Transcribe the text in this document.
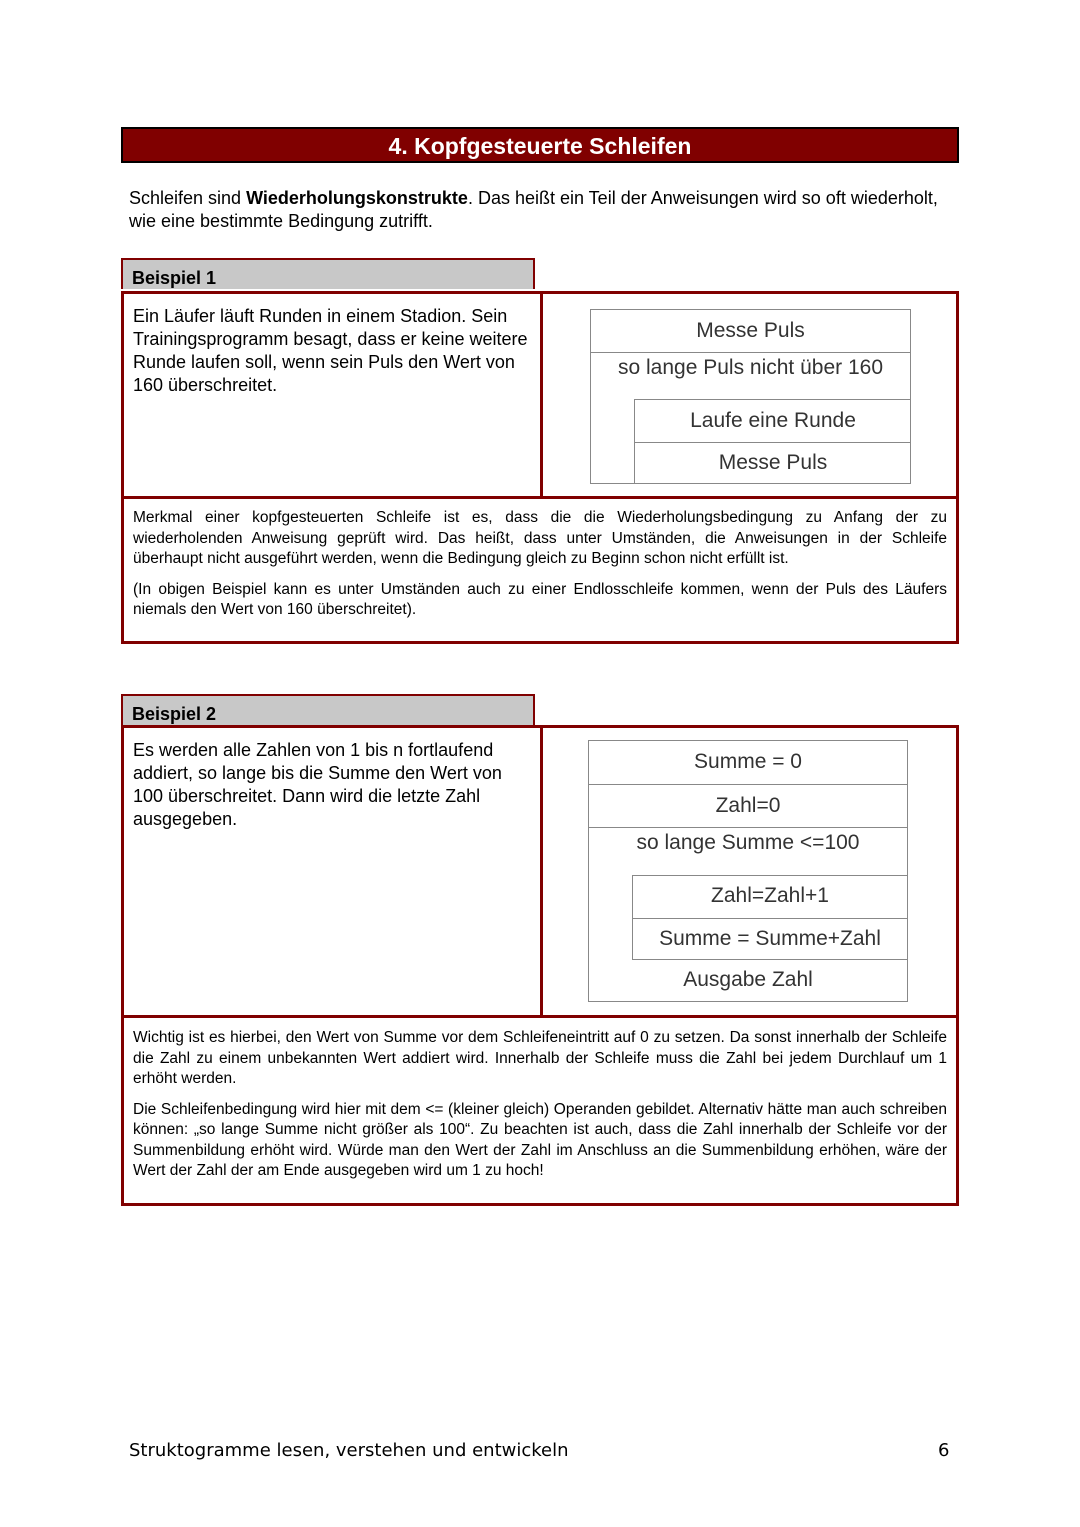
4. Kopfgesteuerte Schleifen
Schleifen sind Wiederholungskonstrukte. Das heißt ein Teil der Anweisungen wird so oft wiederholt, wie eine bestimmte Bedingung zutrifft.
Beispiel 1
Ein Läufer läuft Runden in einem Stadion. Sein Trainingsprogramm besagt, dass er keine weitere Runde laufen soll, wenn sein Puls den Wert von 160 überschreitet.
Messe Puls
so lange Puls nicht über 160
Laufe eine Runde
Messe Puls

Merkmal einer kopfgesteuerten Schleife ist es, dass die die Wiederholungsbedingung zu Anfang der zu wiederholenden Anweisung geprüft wird. Das heißt, dass unter Umständen, die Anweisungen in der Schleife überhaupt nicht ausgeführt werden, wenn die Bedingung gleich zu Beginn schon nicht erfüllt ist.

(In obigen Beispiel kann es unter Umständen auch zu einer Endlosschleife kommen, wenn der Puls des Läufers niemals den Wert von 160 überschreitet).

Beispiel 2
Es werden alle Zahlen von 1 bis n fortlaufend addiert, so lange bis die Summe den Wert von 100 überschreitet. Dann wird die letzte Zahl ausgegeben.
Summe = 0
Zahl=0
so lange Summe <=100
Zahl=Zahl+1
Summe = Summe+Zahl
Ausgabe Zahl

Wichtig ist es hierbei, den Wert von Summe vor dem Schleifeneintritt auf 0 zu setzen. Da sonst innerhalb der Schleife die Zahl zu einem unbekannten Wert addiert wird. Innerhalb der Schleife muss die Zahl bei jedem Durchlauf um 1 erhöht werden.

Die Schleifenbedingung wird hier mit dem <= (kleiner gleich) Operanden gebildet. Alternativ hätte man auch schreiben können: „so lange Summe nicht größer als 100“. Zu beachten ist auch, dass die Zahl innerhalb der Schleife vor der Summenbildung erhöht wird. Würde man den Wert der Zahl im Anschluss an die Summenbildung erhöhen, wäre der Wert der Zahl der am Ende ausgegeben wird um 1 zu hoch!

Struktogramme lesen, verstehen und entwickeln	6
